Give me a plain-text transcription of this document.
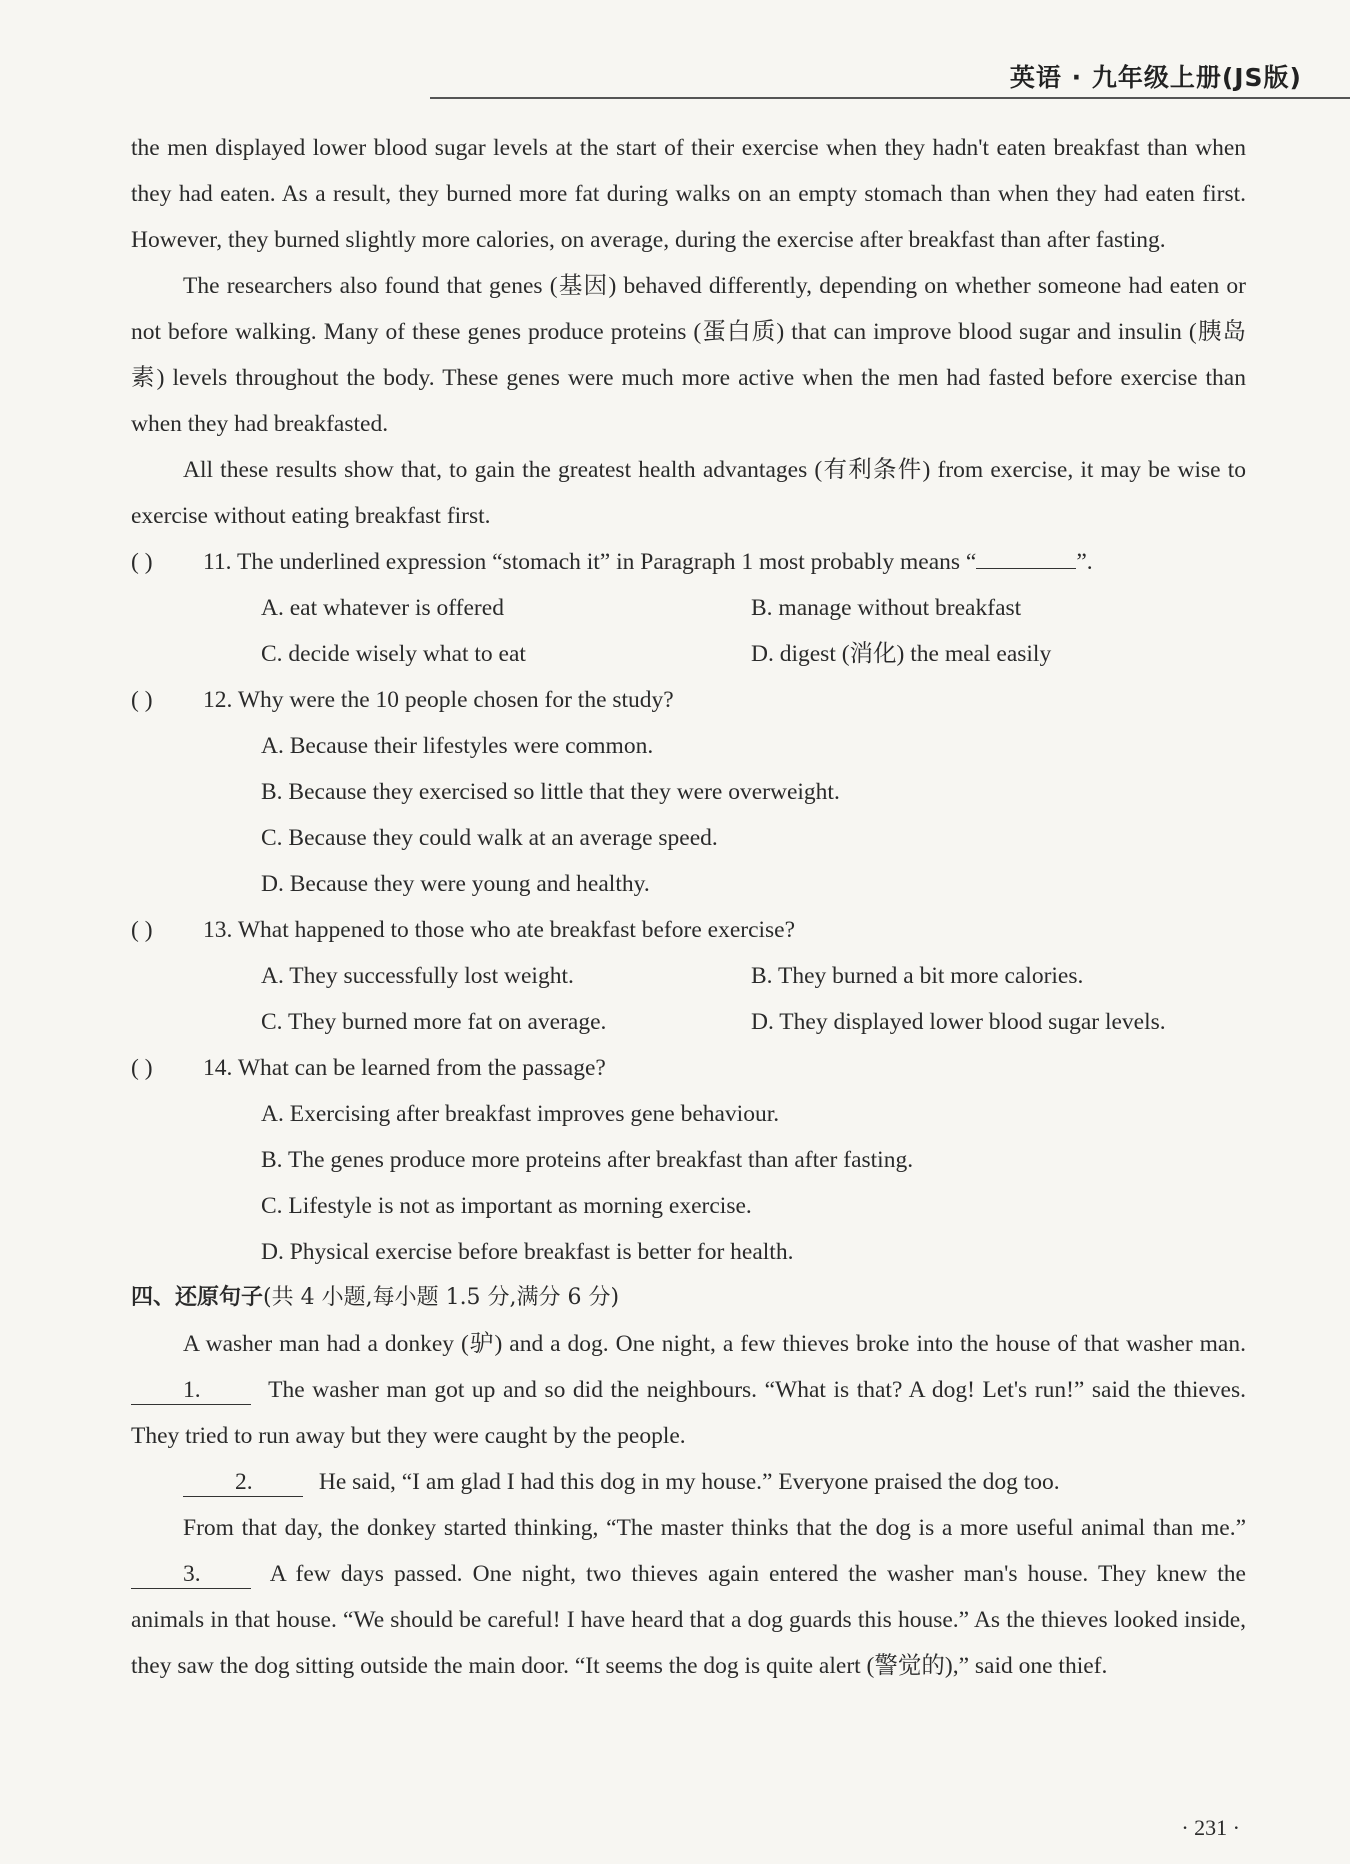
英语 · 九年级上册(JS版)

the men displayed lower blood sugar levels at the start of their exercise when they hadn't eaten breakfast than when they had eaten. As a result, they burned more fat during walks on an empty stomach than when they had eaten first. However, they burned slightly more calories, on average, during the exercise after breakfast than after fasting.

The researchers also found that genes (基因) behaved differently, depending on whether someone had eaten or not before walking. Many of these genes produce proteins (蛋白质) that can improve blood sugar and insulin (胰岛素) levels throughout the body. These genes were much more active when the men had fasted before exercise than when they had breakfasted.

All these results show that, to gain the greatest health advantages (有利条件) from exercise, it may be wise to exercise without eating breakfast first.

( ) 11. The underlined expression “stomach it” in Paragraph 1 most probably means “	”.
A. eat whatever is offered	B. manage without breakfast
C. decide wisely what to eat	D. digest (消化) the meal easily
( ) 12. Why were the 10 people chosen for the study?
A. Because their lifestyles were common.
B. Because they exercised so little that they were overweight.
C. Because they could walk at an average speed.
D. Because they were young and healthy.
( ) 13. What happened to those who ate breakfast before exercise?
A. They successfully lost weight.	B. They burned a bit more calories.
C. They burned more fat on average.	D. They displayed lower blood sugar levels.
( ) 14. What can be learned from the passage?
A. Exercising after breakfast improves gene behaviour.
B. The genes produce more proteins after breakfast than after fasting.
C. Lifestyle is not as important as morning exercise.
D. Physical exercise before breakfast is better for health.
四、还原句子(共 4 小题,每小题 1.5 分,满分 6 分)

A washer man had a donkey (驴) and a dog. One night, a few thieves broke into the house of that washer man. 1.	The washer man got up and so did the neighbours. “What is that? A dog! Let's run!” said the thieves. They tried to run away but they were caught by the people.

2.	He said, “I am glad I had this dog in my house.” Everyone praised the dog too.

From that day, the donkey started thinking, “The master thinks that the dog is a more useful animal than me.” 3.	A few days passed. One night, two thieves again entered the washer man's house. They knew the animals in that house. “We should be careful! I have heard that a dog guards this house.” As the thieves looked inside, they saw the dog sitting outside the main door. “It seems the dog is quite alert (警觉的),” said one thief.

· 231 ·
